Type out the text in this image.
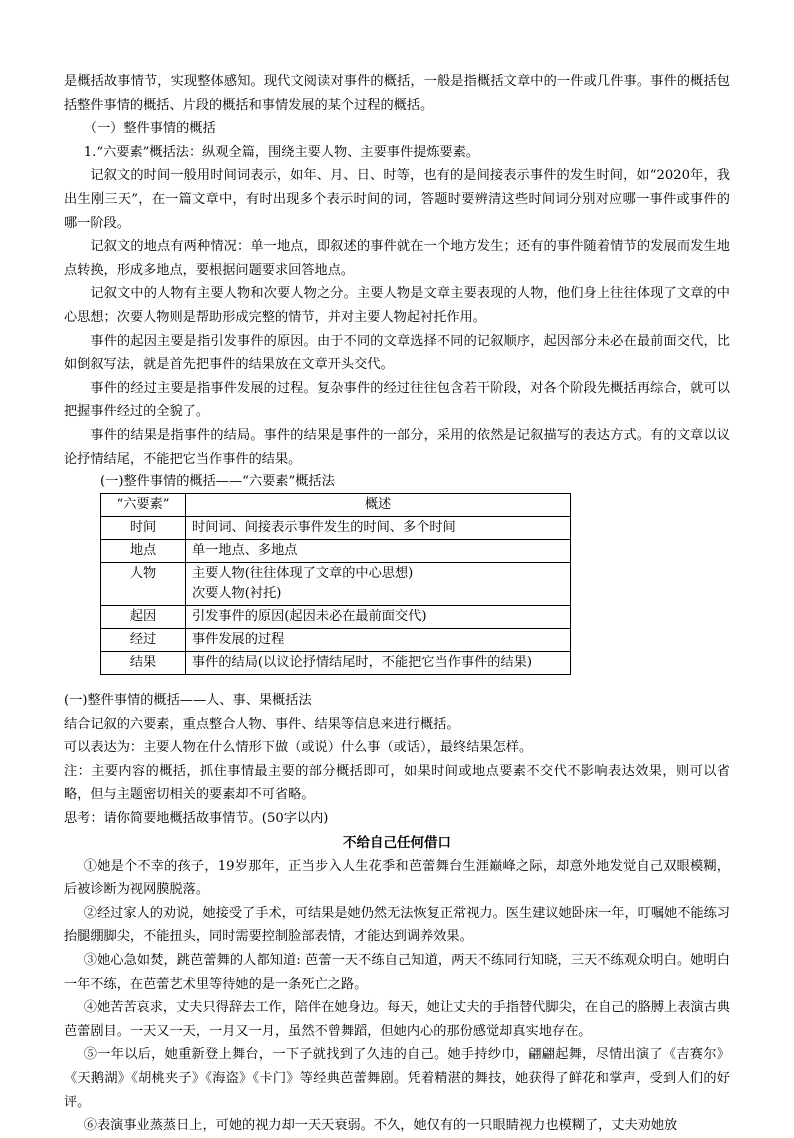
是概括故事情节，实现整体感知。现代文阅读对事件的概括，一般是指概括文章中的一件或几件事。事件的概括包括整件事情的概括、片段的概括和事情发展的某个过程的概括。

（一）整件事情的概括

1.“六要素”概括法：纵观全篇，围绕主要人物、主要事件提炼要素。

记叙文的时间一般用时间词表示，如年、月、日、时等，也有的是间接表示事件的发生时间，如“2020年，我出生刚三天”，在一篇文章中，有时出现多个表示时间的词，答题时要辨清这些时间词分别对应哪一事件或事件的哪一阶段。

记叙文的地点有两种情况：单一地点，即叙述的事件就在一个地方发生；还有的事件随着情节的发展而发生地点转换，形成多地点，要根据问题要求回答地点。

记叙文中的人物有主要人物和次要人物之分。主要人物是文章主要表现的人物，他们身上往往体现了文章的中心思想；次要人物则是帮助形成完整的情节，并对主要人物起衬托作用。

事件的起因主要是指引发事件的原因。由于不同的文章选择不同的记叙顺序，起因部分未必在最前面交代，比如倒叙写法，就是首先把事件的结果放在文章开头交代。

事件的经过主要是指事件发展的过程。复杂事件的经过往往包含若干阶段，对各个阶段先概括再综合，就可以把握事件经过的全貌了。

事件的结果是指事件的结局。事件的结果是事件的一部分，采用的依然是记叙描写的表达方式。有的文章以议论抒情结尾，不能把它当作事件的结果。

(一)整件事情的概括——“六要素”概括法

“六要素”	概述
时间	时间词、间接表示事件发生的时间、多个时间
地点	单一地点、多地点
人物	主要人物(往往体现了文章的中心思想)
次要人物(衬托)

起因	引发事件的原因(起因未必在最前面交代)
经过	事件发展的过程
结果	事件的结局(以议论抒情结尾时，不能把它当作事件的结果)

(一)整件事情的概括——人、事、果概括法

结合记叙的六要素，重点整合人物、事件、结果等信息来进行概括。

可以表达为：主要人物在什么情形下做（或说）什么事（或话），最终结果怎样。

注：主要内容的概括，抓住事情最主要的部分概括即可，如果时间或地点要素不交代不影响表达效果，则可以省略，但与主题密切相关的要素却不可省略。

思考：请你简要地概括故事情节。(50字以内)

不给自己任何借口

①她是个不幸的孩子，19岁那年，正当步入人生花季和芭蕾舞台生涯巅峰之际，却意外地发觉自己双眼模糊，后被诊断为视网膜脱落。

②经过家人的劝说，她接受了手术，可结果是她仍然无法恢复正常视力。医生建议她卧床一年，叮嘱她不能练习抬腿绷脚尖，不能扭头，同时需要控制脸部表情，才能达到调养效果。

③她心急如焚，跳芭蕾舞的人都知道: 芭蕾一天不练自己知道，两天不练同行知晓，三天不练观众明白。她明白一年不练，在芭蕾艺术里等待她的是一条死亡之路。

④她苦苦哀求，丈夫只得辞去工作，陪伴在她身边。每天，她让丈夫的手指替代脚尖，在自己的胳膊上表演古典芭蕾剧目。一天又一天，一月又一月，虽然不曾舞蹈，但她内心的那份感觉却真实地存在。

⑤一年以后，她重新登上舞台，一下子就找到了久违的自己。她手持纱巾，翩翩起舞，尽情出演了《吉赛尔》《天鹅湖》《胡桃夹子》《海盗》《卡门》等经典芭蕾舞剧。凭着精湛的舞技，她获得了鲜花和掌声，受到人们的好评。

⑥表演事业蒸蒸日上，可她的视力却一天天衰弱。不久，她仅有的一只眼睛视力也模糊了，丈夫劝她放
